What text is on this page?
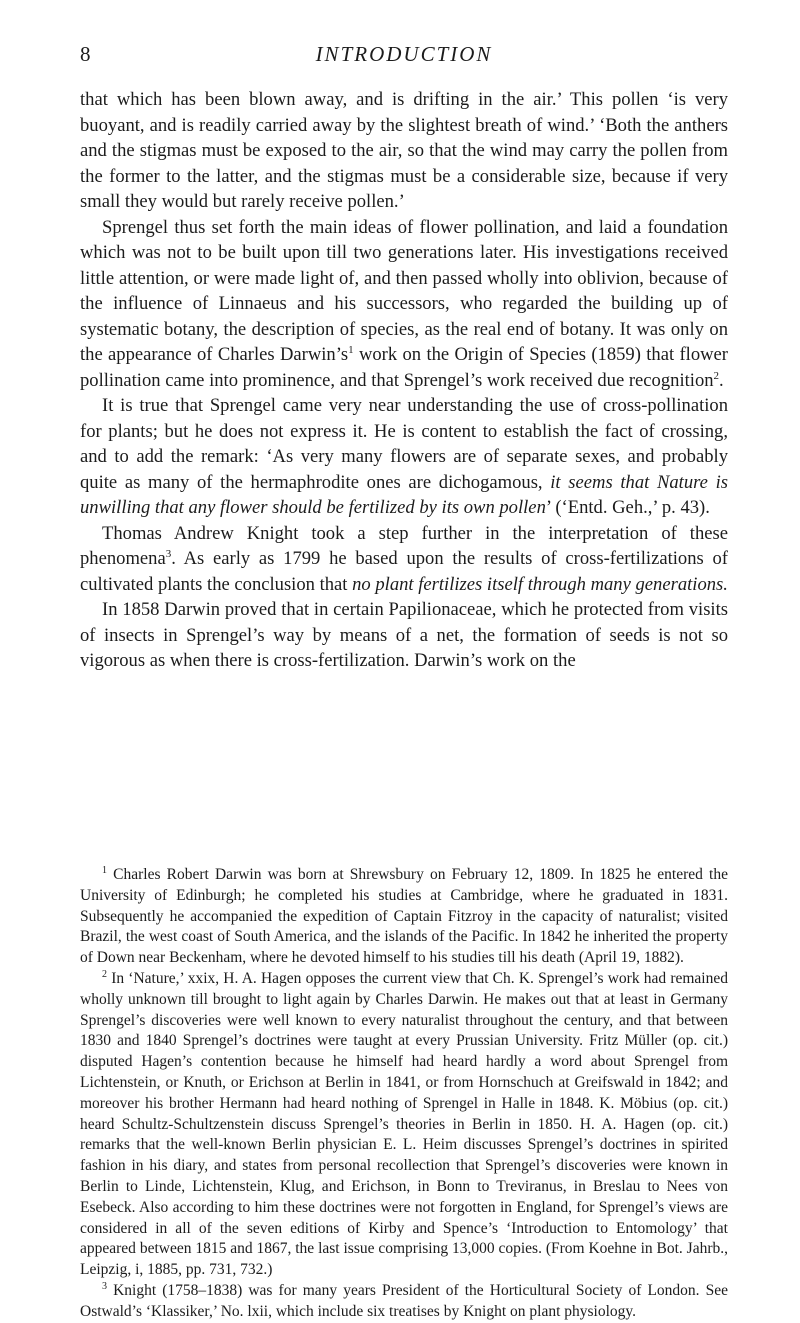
8	INTRODUCTION

that which has been blown away, and is drifting in the air.’ This pollen ‘is very buoyant, and is readily carried away by the slightest breath of wind.’ ‘Both the anthers and the stigmas must be exposed to the air, so that the wind may carry the pollen from the former to the latter, and the stigmas must be a considerable size, because if very small they would but rarely receive pollen.’

Sprengel thus set forth the main ideas of flower pollination, and laid a foundation which was not to be built upon till two generations later. His investigations received little attention, or were made light of, and then passed wholly into oblivion, because of the influence of Linnaeus and his successors, who regarded the building up of systematic botany, the description of species, as the real end of botany. It was only on the appearance of Charles $Darwin’s^1$ work on the Origin of Species (1859) that flower pollination came into prominence, and that Sprengel’s work received due recognition$^2$.

It is true that Sprengel came very near understanding the use of cross-pollination for plants; but he does not express it. He is content to establish the fact of crossing, and to add the remark: ‘As very many flowers are of separate sexes, and probably quite as many of the hermaphrodite ones are dichogamous, it seems that Nature is unwilling that any flower should be fertilized by its own pollen’ (‘Entd. Geh.,’ p. 43).

Thomas Andrew Knight took a step further in the interpretation of these phenomena$^3$. As early as 1799 he based upon the results of cross-fertilizations of cultivated plants the conclusion that no plant fertilizes itself through many generations.

In 1858 Darwin proved that in certain Papilionaceae, which he protected from visits of insects in Sprengel’s way by means of a net, the formation of seeds is not so vigorous as when there is cross-fertilization. Darwin’s work on the

$^1$ Charles Robert Darwin was born at Shrewsbury on February 12, 1809. In 1825 he entered the University of Edinburgh; he completed his studies at Cambridge, where he graduated in 1831. Subsequently he accompanied the expedition of Captain Fitzroy in the capacity of naturalist; visited Brazil, the west coast of South America, and the islands of the Pacific. In 1842 he inherited the property of Down near Beckenham, where he devoted himself to his studies till his death (April 19, 1882).

$^2$ In ‘Nature,’ xxix, H. A. Hagen opposes the current view that Ch. K. Sprengel’s work had remained wholly unknown till brought to light again by Charles Darwin. He makes out that at least in Germany Sprengel’s discoveries were well known to every naturalist throughout the century, and that between 1830 and 1840 Sprengel’s doctrines were taught at every Prussian University. Fritz Müller (op. cit.) disputed Hagen’s contention because he himself had heard hardly a word about Sprengel from Lichtenstein, or Knuth, or Erichson at Berlin in 1841, or from Hornschuch at Greifswald in 1842; and moreover his brother Hermann had heard nothing of Sprengel in Halle in 1848. K. Möbius (op. cit.) heard Schultz-Schultzenstein discuss Sprengel’s theories in Berlin in 1850. H. A. Hagen (op. cit.) remarks that the well-known Berlin physician E. L. Heim discusses Sprengel’s doctrines in spirited fashion in his diary, and states from personal recollection that Sprengel’s discoveries were known in Berlin to Linde, Lichtenstein, Klug, and Erichson, in Bonn to Treviranus, in Breslau to Nees von Esebeck. Also according to him these doctrines were not forgotten in England, for Sprengel’s views are considered in all of the seven editions of Kirby and Spence’s ‘Introduction to Entomology’ that appeared between 1815 and 1867, the last issue comprising 13,000 copies. (From Koehne in Bot. Jahrb., Leipzig, i, 1885, pp. 731, 732.)

$^3$ Knight (1758–1838) was for many years President of the Horticultural Society of London. See Ostwald’s ‘Klassiker,’ No. lxii, which include six treatises by Knight on plant physiology.
